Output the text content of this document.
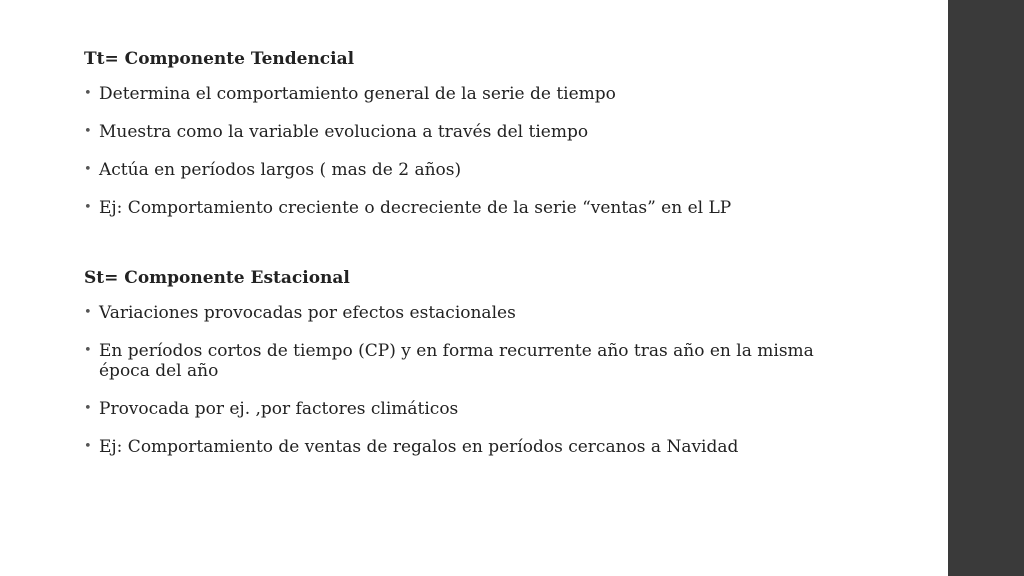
Tt= Componente Tendencial
• Determina el comportamiento general de la serie de tiempo
• Muestra como la variable evoluciona a través del tiempo
• Actúa en períodos largos ( mas de 2 años)
• Ej: Comportamiento creciente o decreciente de la serie “ventas” en el LP
St= Componente Estacional
• Variaciones provocadas por efectos estacionales
• En períodos cortos de tiempo (CP) y en forma recurrente año tras año en la misma época del año
• Provocada por ej. ,por factores climáticos
• Ej: Comportamiento de ventas de regalos en períodos cercanos a Navidad
